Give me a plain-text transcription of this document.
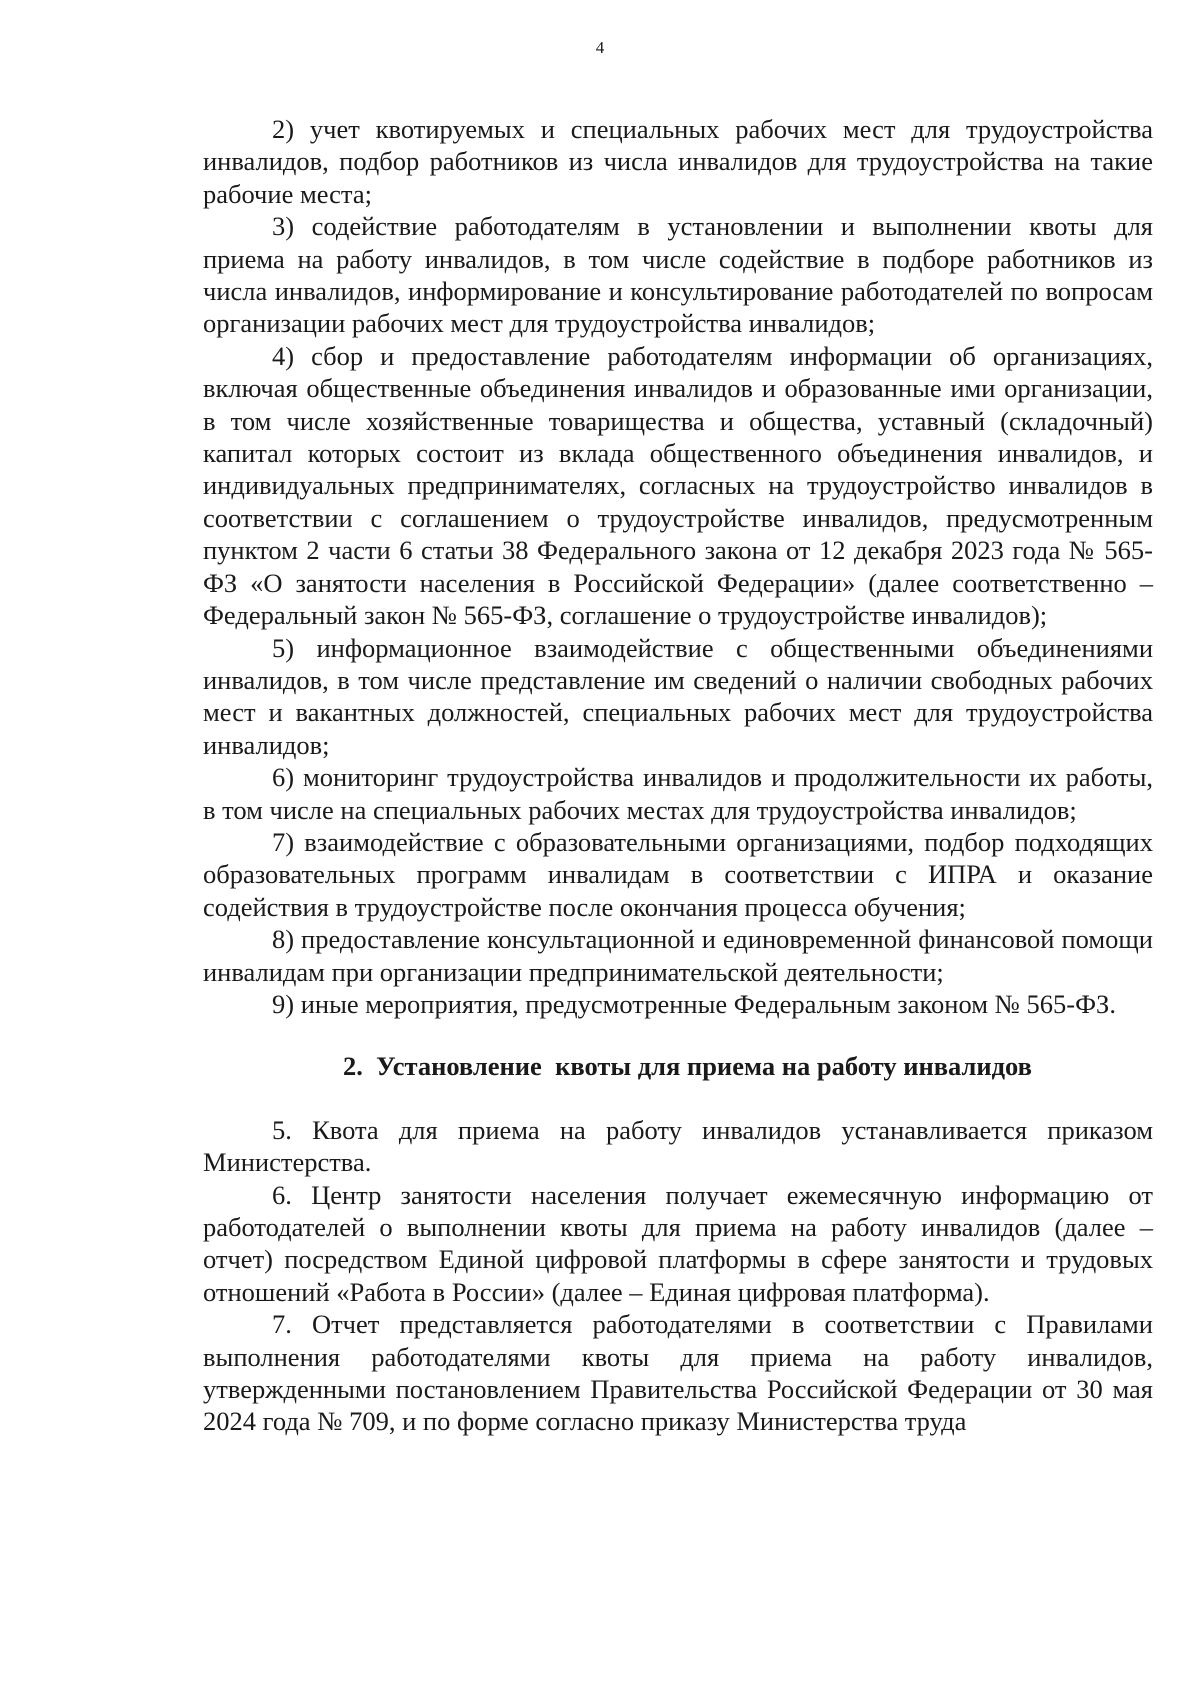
4

2) учет квотируемых и специальных рабочих мест для трудоустройства инвалидов, подбор работников из числа инвалидов для трудоустройства на такие рабочие места;

3) содействие работодателям в установлении и выполнении квоты для приема на работу инвалидов, в том числе содействие в подборе работников из числа инвалидов, информирование и консультирование работодателей по вопросам организации рабочих мест для трудоустройства инвалидов;

4) сбор и предоставление работодателям информации об организациях, включая общественные объединения инвалидов и образованные ими организации, в том числе хозяйственные товарищества и общества, уставный (складочный) капитал которых состоит из вклада общественного объединения инвалидов, и индивидуальных предпринимателях, согласных на трудоустройство инвалидов в соответствии с соглашением о трудоустройстве инвалидов, предусмотренным пунктом 2 части 6 статьи 38 Федерального закона от 12 декабря 2023 года № 565-ФЗ «О занятости населения в Российской Федерации» (далее соответственно – Федеральный закон № 565-ФЗ, соглашение о трудоустройстве инвалидов);

5) информационное взаимодействие с общественными объединениями инвалидов, в том числе представление им сведений о наличии свободных рабочих мест и вакантных должностей, специальных рабочих мест для трудоустройства инвалидов;

6) мониторинг трудоустройства инвалидов и продолжительности их работы, в том числе на специальных рабочих местах для трудоустройства инвалидов;

7) взаимодействие с образовательными организациями, подбор подходящих образовательных программ инвалидам в соответствии с ИПРА и оказание содействия в трудоустройстве после окончания процесса обучения;

8) предоставление консультационной и единовременной финансовой помощи инвалидам при организации предпринимательской деятельности;

9) иные мероприятия, предусмотренные Федеральным законом № 565-ФЗ.

2.  Установление  квоты для приема на работу инвалидов

5. Квота для приема на работу инвалидов устанавливается приказом Министерства.

6. Центр занятости населения получает ежемесячную информацию от работодателей о выполнении квоты для приема на работу инвалидов (далее – отчет) посредством Единой цифровой платформы в сфере занятости и трудовых отношений «Работа в России» (далее – Единая цифровая платформа).

7. Отчет представляется работодателями в соответствии с Правилами выполнения работодателями квоты для приема на работу инвалидов, утвержденными постановлением Правительства Российской Федерации от 30 мая 2024 года № 709, и по форме согласно приказу Министерства труда
